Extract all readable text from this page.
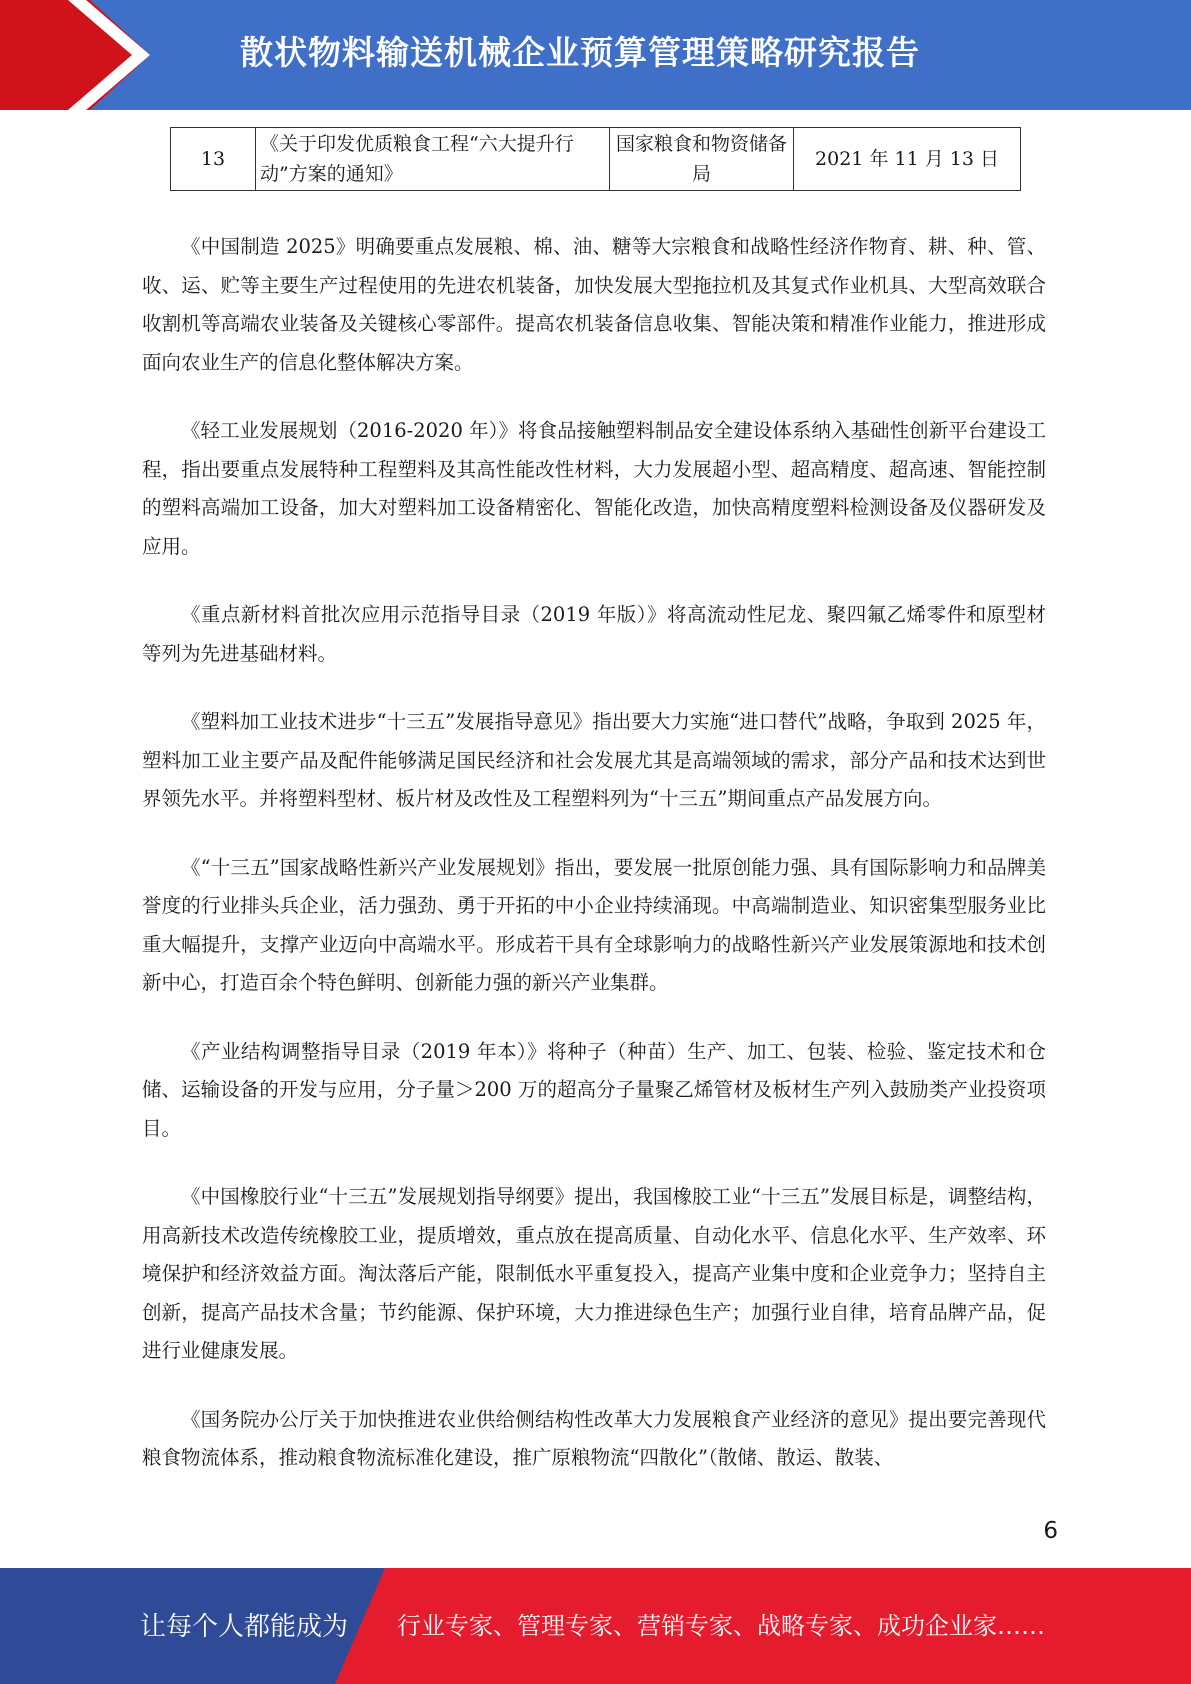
散状物料输送机械企业预算管理策略研究报告
13	《关于印发优质粮食工程“六大提升行动”方案的通知》	国家粮食和物资储备局	2021 年 11 月 13 日

《中国制造 2025》明确要重点发展粮、棉、油、糖等大宗粮食和战略性经济作物育、耕、种、管、收、运、贮等主要生产过程使用的先进农机装备，加快发展大型拖拉机及其复式作业机具、大型高效联合收割机等高端农业装备及关键核心零部件。提高农机装备信息收集、智能决策和精准作业能力，推进形成面向农业生产的信息化整体解决方案。

《轻工业发展规划（2016-2020 年）》将食品接触塑料制品安全建设体系纳入基础性创新平台建设工程，指出要重点发展特种工程塑料及其高性能改性材料，大力发展超小型、超高精度、超高速、智能控制的塑料高端加工设备，加大对塑料加工设备精密化、智能化改造，加快高精度塑料检测设备及仪器研发及应用。

《重点新材料首批次应用示范指导目录（2019 年版）》将高流动性尼龙、聚四氟乙烯零件和原型材等列为先进基础材料。

《塑料加工业技术进步“十三五”发展指导意见》指出要大力实施“进口替代”战略，争取到 2025 年，塑料加工业主要产品及配件能够满足国民经济和社会发展尤其是高端领域的需求，部分产品和技术达到世界领先水平。并将塑料型材、板片材及改性及工程塑料列为“十三五”期间重点产品发展方向。

《“十三五”国家战略性新兴产业发展规划》指出，要发展一批原创能力强、具有国际影响力和品牌美誉度的行业排头兵企业，活力强劲、勇于开拓的中小企业持续涌现。中高端制造业、知识密集型服务业比重大幅提升，支撑产业迈向中高端水平。形成若干具有全球影响力的战略性新兴产业发展策源地和技术创新中心，打造百余个特色鲜明、创新能力强的新兴产业集群。

《产业结构调整指导目录（2019 年本）》将种子（种苗）生产、加工、包装、检验、鉴定技术和仓储、运输设备的开发与应用，分子量＞200 万的超高分子量聚乙烯管材及板材生产列入鼓励类产业投资项目。

《中国橡胶行业“十三五”发展规划指导纲要》提出，我国橡胶工业“十三五”发展目标是，调整结构，用高新技术改造传统橡胶工业，提质增效，重点放在提高质量、自动化水平、信息化水平、生产效率、环境保护和经济效益方面。淘汰落后产能，限制低水平重复投入，提高产业集中度和企业竞争力；坚持自主创新，提高产品技术含量；节约能源、保护环境，大力推进绿色生产；加强行业自律，培育品牌产品，促进行业健康发展。

《国务院办公厅关于加快推进农业供给侧结构性改革大力发展粮食产业经济的意见》提出要完善现代粮食物流体系，推动粮食物流标准化建设，推广原粮物流“四散化”（散储、散运、散装、

6
让每个人都能成为 行业专家、管理专家、营销专家、战略专家、成功企业家……
